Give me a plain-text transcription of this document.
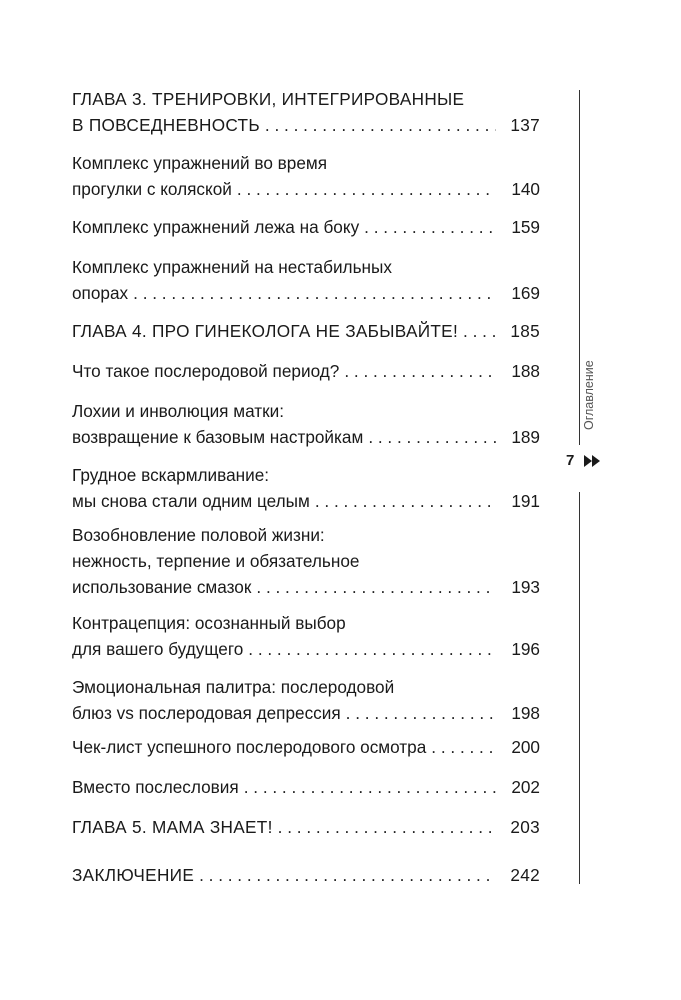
ГЛАВА 3. ТРЕНИРОВКИ, ИНТЕГРИРОВАННЫЕ
В ПОВСЕДНЕВНОСТЬ . . .	137
Комплекс упражнений во время
прогулки с коляской . . .	140
Комплекс упражнений лежа на боку . . .	159
Комплекс упражнений на нестабильных
опорах . . .	169
ГЛАВА 4. ПРО ГИНЕКОЛОГА НЕ ЗАБЫВАЙТЕ! . . .	185
Что такое послеродовой период? . . .	188
Лохии и инволюция матки:
возвращение к базовым настройкам . . .	189
Грудное вскармливание:
мы снова стали одним целым . . .	191
Возобновление половой жизни:
нежность, терпение и обязательное
использование смазок . . .	193
Контрацепция: осознанный выбор
для вашего будущего . . .	196
Эмоциональная палитра: послеродовой
блюз vs послеродовая депрессия . . .	198
Чек-лист успешного послеродового осмотра . . .	200
Вместо послесловия . . .	202
ГЛАВА 5. МАМА ЗНАЕТ! . . .	203
ЗАКЛЮЧЕНИЕ . . .	242
Оглавление
7
